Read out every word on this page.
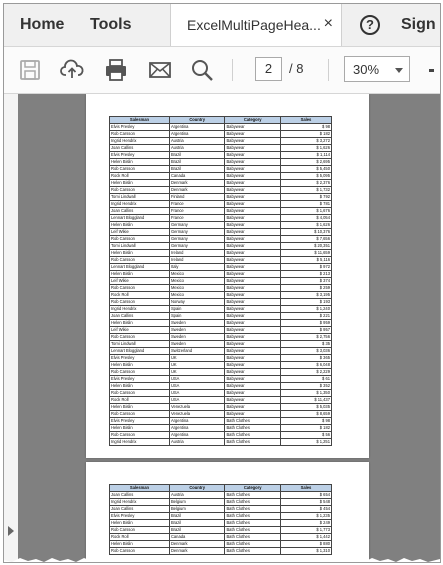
Home Tools	ExcelMultiPageHea... ×	?	Sign
2	/ 8	30%
Salesman	Country	Category	Sales
Elvis Presley	Argentina	Babywear	$ 98
Rob Carsson	Argentina	Babywear	$ 182
Ingrid Hendrix	Austria	Babywear	$ 3,272
Joan Callins	Austria	Babywear	$ 1,626
Elvis Presley	Brazil	Babywear	$ 1,114
Helen Bislin	Brazil	Babywear	$ 2,695
Rob Carsson	Brazil	Babywear	$ 5,450
Rock Roll	Canada	Babywear	$ 5,095
Helen Bislin	Denmark	Babywear	$ 2,376
Rob Carsson	Denmark	Babywear	$ 1,732
Tomi Lindwall	Finland	Babywear	$ 792
Ingrid Hendrix	France	Babywear	$ 781
Joan Callins	France	Babywear	$ 1,676
Lennart Bloggland	France	Babywear	$ 4,054
Helen Bislin	Germany	Babywear	$ 1,626
Leif Wikie	Germany	Babywear	$ 10,376
Rob Carsson	Germany	Babywear	$ 7,656
Tomi Lindwall	Germany	Babywear	$ 20,351
Helen Bislin	Ireland	Babywear	$ 11,659
Rob Carsson	Ireland	Babywear	$ 5,116
Lennart Bloggland	Italy	Babywear	$ 972
Helen Bislin	Mexico	Babywear	$ 213
Leif Wikie	Mexico	Babywear	$ 374
Rob Carsson	Mexico	Babywear	$ 259
Rock Roll	Mexico	Babywear	$ 3,195
Rob Carsson	Norway	Babywear	$ 193
Ingrid Hendrix	Spain	Babywear	$ 1,240
Joan Callins	Spain	Babywear	$ 221
Helen Bislin	Sweden	Babywear	$ 959
Leif Wikie	Sweden	Babywear	$ 957
Rob Carsson	Sweden	Babywear	$ 2,756
Tomi Lindwall	Sweden	Babywear	$ 35
Lennart Bloggland	Switzerland	Babywear	$ 3,036
Elvis Presley	UK	Babywear	$ 365
Helen Bislin	UK	Babywear	$ 6,048
Rob Carsson	UK	Babywear	$ 2,229
Elvis Presley	USA	Babywear	$ 61
Helen Bislin	USA	Babywear	$ 352
Rob Carsson	USA	Babywear	$ 1,350
Rock Roll	USA	Babywear	$ 11,437
Helen Bislin	Venezuela	Babywear	$ 5,035
Rob Carsson	Venezuela	Babywear	$ 8,659
Elvis Presley	Argentina	Bath Clothes	$ 98
Helen Bislin	Argentina	Bath Clothes	$ 182
Rob Carsson	Argentina	Bath Clothes	$ 56
Ingrid Hendrix	Austria	Bath Clothes	$ 1,251
Salesman	Country	Category	Sales
Joan Callins	Austria	Bath Clothes	$ 654
Ingrid Hendrix	Belgium	Bath Clothes	$ 548
Joan Callins	Belgium	Bath Clothes	$ 454
Elvis Presley	Brazil	Bath Clothes	$ 1,235
Helen Bislin	Brazil	Bath Clothes	$ 249
Rob Carsson	Brazil	Bath Clothes	$ 1,773
Rock Roll	Canada	Bath Clothes	$ 1,442
Helen Bislin	Denmark	Bath Clothes	$ 880
Rob Carsson	Denmark	Bath Clothes	$ 1,310
